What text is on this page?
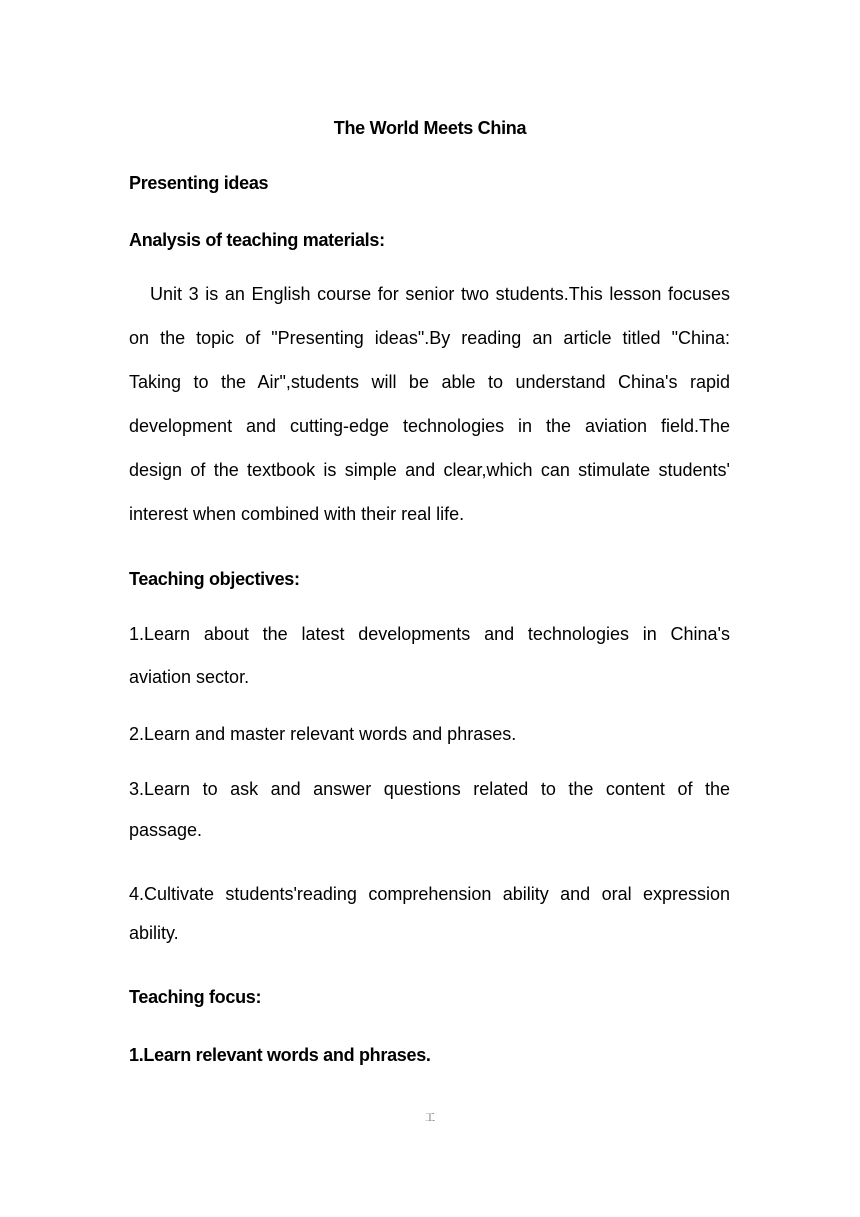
The World Meets China
Presenting ideas
Analysis of teaching materials:
Unit 3 is an English course for senior two students.This lesson focuses
on the topic of "Presenting ideas".By reading an article titled "China:
Taking to the Air",students will be able to understand China's rapid
development and cutting-edge technologies in the aviation field.The
design of the textbook is simple and clear,which can stimulate students'
interest when combined with their real life.
Teaching objectives:
1.Learn about the latest developments and technologies in China's
aviation sector.
2.Learn and master relevant words and phrases.
3.Learn to ask and answer questions related to the content of the
passage.
4.Cultivate students'reading comprehension ability and oral expression
ability.
Teaching focus:
1.Learn relevant words and phrases.
工
